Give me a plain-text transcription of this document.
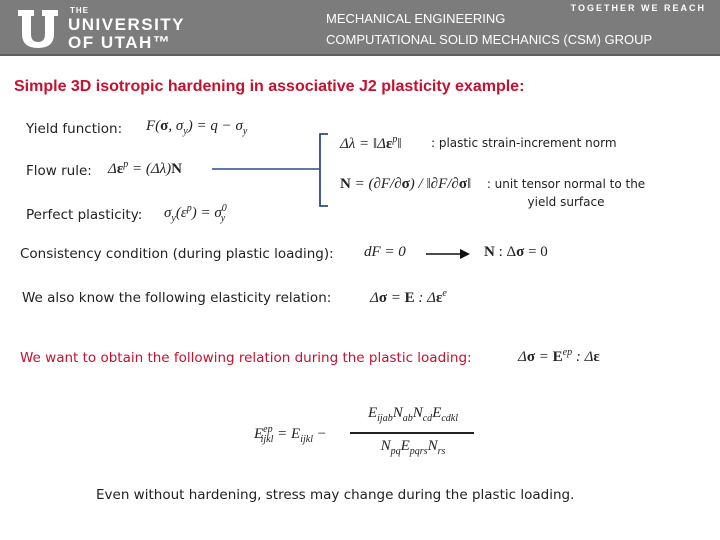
THE
UNIVERSITY
OF UTAH™
MECHANICAL ENGINEERING
COMPUTATIONAL SOLID MECHANICS (CSM) GROUP
TOGETHER WE REACH
Simple 3D isotropic hardening in associative J2 plasticity example:
Yield function: F(σ, $\sigma_y) = q - \sigma_y$
Flow rule: $\Delta\varepsilon^p = (\Delta\lambda)N$
Perfect plasticity: $\sigma_y(\varepsilon^p) = \sigma^0_y$
$\Delta\lambda = ‖\Delta\varepsilon^p‖$ : plastic strain-increment norm
N = (∂F/∂σ) / ‖∂F/∂σ‖	: unit tensor normal to the yield surface
Consistency condition (during plastic loading): dF = 0	N : Δσ = 0
We also know the following elasticity relation:	Δσ = E : $\Delta\varepsilon^e$
We want to obtain the following relation during the plastic loading:	$\Delta\sigma = E^{ep}$ : Δε
$E^{ep}_{ijkl} = E_{ijkl}$ −
$E_{ijab}N_{ab}N_{cd}E_{cdkl}$
$N_{pq}E_{pqrs}N_{rs}$
Even without hardening, stress may change during the plastic loading.
